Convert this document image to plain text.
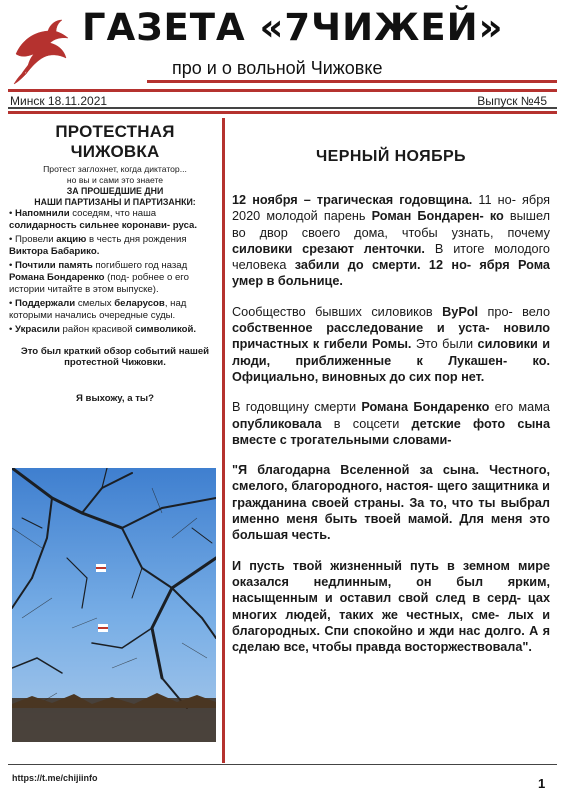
ГАЗЕТА «7ЧИЖЕЙ»
про и о вольной Чижовке
Минск 18.11.2021	Выпуск №45
ПРОТЕСТНАЯ ЧИЖОВКА
Протест заглохнет, когда диктатор...
но вы и сами это знаете
ЗА ПРОШЕДШИЕ ДНИ
НАШИ ПАРТИЗАНЫ И ПАРТИЗАНКИ:
• Напомнили соседям, что наша солидарность сильнее коронави- руса.
• Провели акцию в честь дня рождения Виктора Бабарико.
• Почтили память погибшего год назад Романа Бондаренко (под- робнее о его истории читайте в этом выпуске).
• Поддержали смелых беларусов, над которыми начались очередные суды.
• Украсили район красивой символикой.
Это был краткий обзор событий нашей протестной Чижовки.
Я выхожу, а ты?
ЧЕРНЫЙ НОЯБРЬ

12 ноября – трагическая годовщина. 11 но- ября 2020 молодой парень Роман Бондарен- ко вышел во двор своего дома, чтобы узнать, почему силовики срезают ленточки. В итоге молодого человека забили до смерти. 12 но- ября Рома умер в больнице.

Сообщество бывших силовиков ByPol про- вело собственное расследование и уста- новило причастных к гибели Ромы. Это были силовики и люди, приближенные к Лукашен- ко. Официально, виновных до сих пор нет.

В годовщину смерти Романа Бондаренко его мама опубликовала в соцсети детские фото сына вместе с трогательными словами-

"Я благодарна Вселенной за сына. Честного, смелого, благородного, настоя- щего защитника и гражданина своей страны. За то, что ты выбрал именно меня быть твоей мамой. Для меня это большая честь.

И пусть твой жизненный путь в земном мире оказался недлинным, он был ярким, насыщенным и оставил свой след в серд- цах многих людей, таких же честных, сме- лых и благородных. Спи спокойно и жди нас долго. А я сделаю все, чтобы правда восторжествовала".

https://t.me/chijiinfo	1
